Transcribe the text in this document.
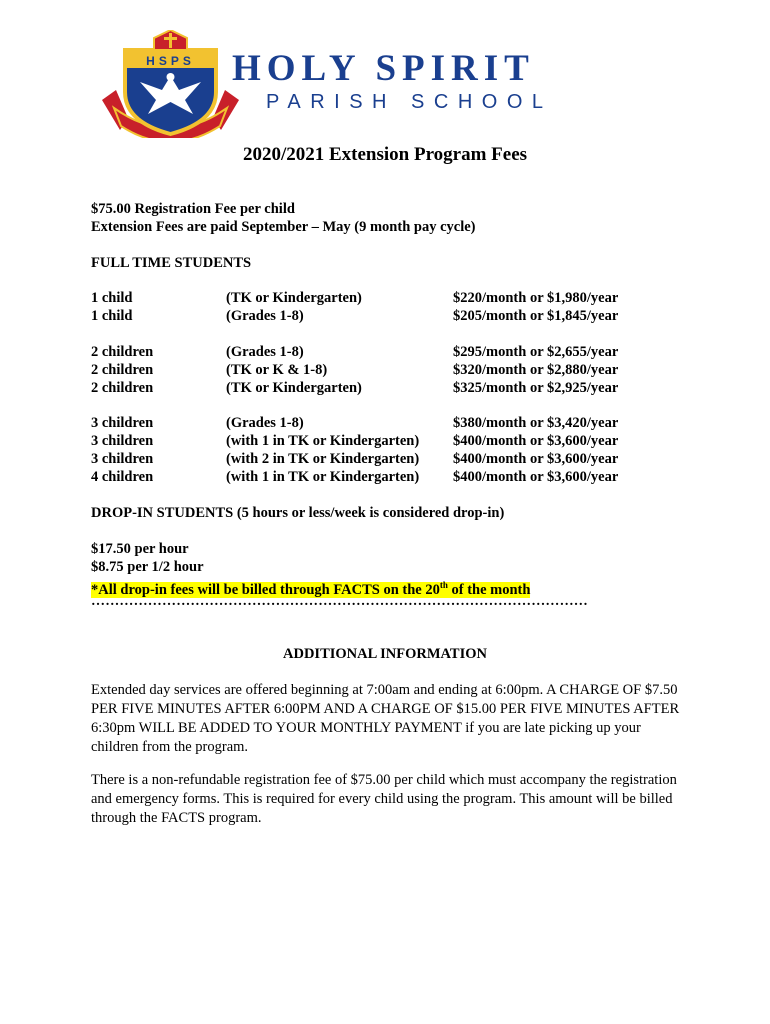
HSPS HOLY SPIRIT
PARISH SCHOOL
2020/2021 Extension Program Fees
$75.00 Registration Fee per child
Extension Fees are paid September – May (9 month pay cycle)
FULL TIME STUDENTS
1 child	(TK or Kindergarten)	$220/month or $1,980/year
1 child	(Grades 1-8)	$205/month or $1,845/year
2 children	(Grades 1-8)	$295/month or $2,655/year
2 children	(TK or K & 1-8)	$320/month or $2,880/year
2 children	(TK or Kindergarten)	$325/month or $2,925/year
3 children	(Grades 1-8)	$380/month or $3,420/year
3 children	(with 1 in TK or Kindergarten) $400/month or $3,600/year
3 children	(with 2 in TK or Kindergarten) $400/month or $3,600/year
4 children	(with 1 in TK or Kindergarten) $400/month or $3,600/year
DROP-IN STUDENTS (5 hours or less/week is considered drop-in)
$17.50 per hour
$8.75 per 1/2 hour
*All drop-in fees will be billed through FACTS on the 20th of the month
……………………………………………………………………………………………
ADDITIONAL INFORMATION
Extended day services are offered beginning at 7:00am and ending at 6:00pm. A CHARGE OF $7.50 PER FIVE MINUTES AFTER 6:00PM AND A CHARGE OF $15.00 PER FIVE MINUTES AFTER 6:30pm WILL BE ADDED TO YOUR MONTHLY PAYMENT if you are late picking up your children from the program.
There is a non-refundable registration fee of $75.00 per child which must accompany the registration and emergency forms. This is required for every child using the program. This amount will be billed through the FACTS program.
